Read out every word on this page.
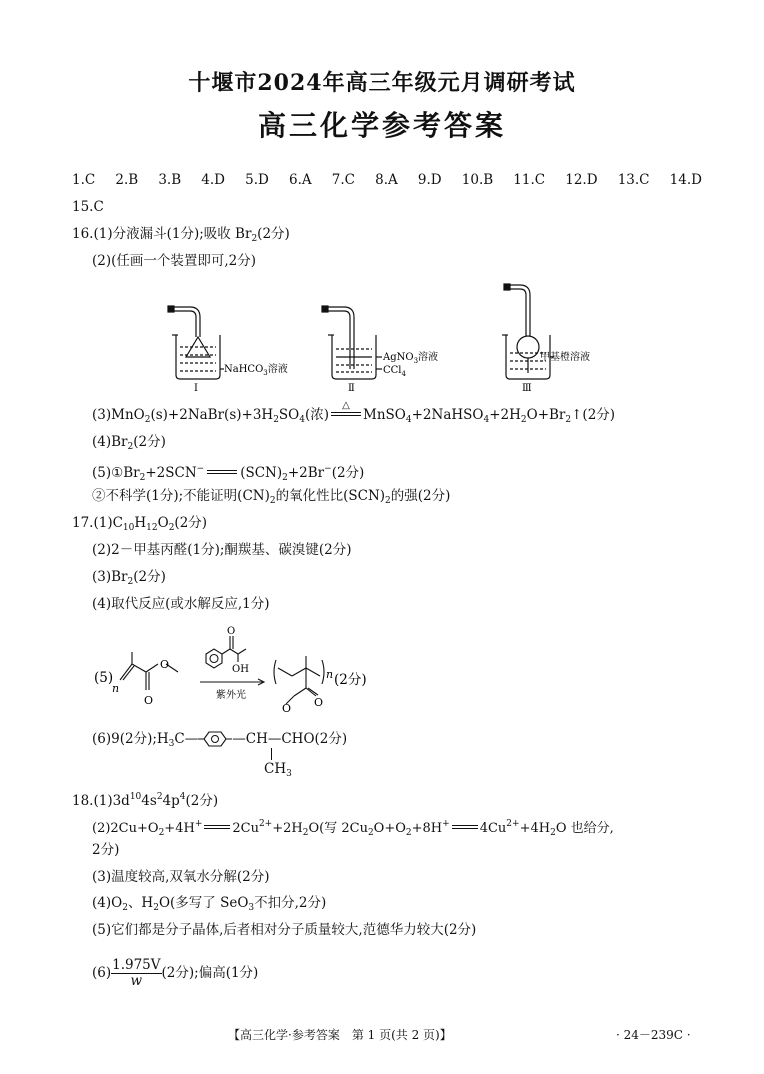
十堰市2024年高三年级元月调研考试
高三化学参考答案
1.C 2.B 3.B 4.D 5.D 6.A 7.C 8.A 9.D 10.B 11.C 12.D 13.C 14.D
15.C
16.(1)分液漏斗(1分);吸收 $Br_2(2$分)
(2)(任画一个装置即可,2分)
NaHCO$_3$溶液
Ⅰ
AgNO$_3$溶液
CCl$_4$
Ⅱ
甲基橙溶液
Ⅲ
$(3)MnO_2(s)+2NaBr(s)+3H_2SO_4$(浓)
△
$MnSO_4+2NaHSO_4+2H_2O+Br_2↑(2$分)
$(4)Br_2(2$分)
$(5)①Br_2+2SCN^-$	$(SCN)_2+2Br^-(2$分)
②不科学(1分);不能证明$(CN)_2$的氧化性比$(SCN)_2$的强(2分)
$17.(1)C_{10}H_{12}O_2(2$分)
(2)2－甲基丙醛(1分);酮羰基、碳溴键(2分)
$(3)Br_2(2$分)
(4)取代反应(或水解反应,1分)
(5)
n
O
O
O
OH
紫外光
n (2分)
O
O
(6)9(2分)$;H_3C—$	—CH—CHO(2分)
$CH_3$
$18.(1)3d^{10}4s^24p^4(2$分)
$(2)2Cu+O_2+4H^+$ $2Cu^{2+}+2H_2O$(写 $2Cu_2O+O_2+8H^+$ $4Cu^{2+}+4H_2O$ 也给分,
2分)
(3)温度较高,双氧水分解(2分)
$(4)O_2$、$H_2O$(多写了 SeO$_3$不扣分,2分)
(5)它们都是分子晶体,后者相对分子质量较大,范德华力较大(2分)
$(6) \frac{1.975V}{w} (2$分);偏高(1分)
【高三化学·参考答案　第 1 页(共 2 页)】	· 24－239C ·
